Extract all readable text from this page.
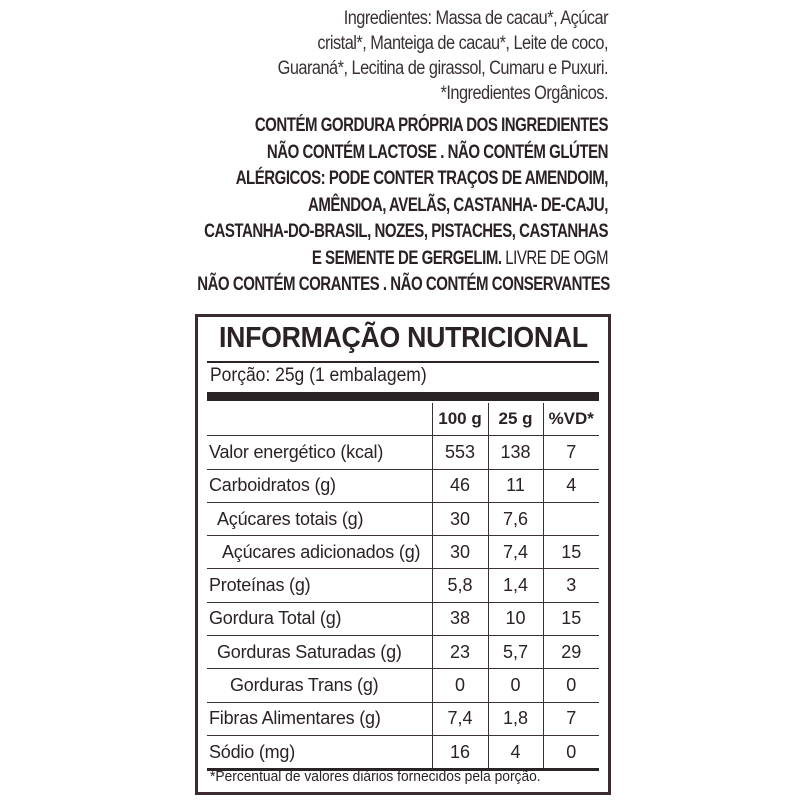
Ingredientes: Massa de cacau*, Açúcar
cristal*, Manteiga de cacau*, Leite de coco,
Guaraná*, Lecitina de girassol, Cumaru e Puxuri.
*Ingredientes Orgânicos.
CONTÉM GORDURA PRÓPRIA DOS INGREDIENTES
NÃO CONTÉM LACTOSE . NÃO CONTÉM GLÚTEN
ALÉRGICOS: PODE CONTER TRAÇOS DE AMENDOIM,
AMÊNDOA, AVELÃS, CASTANHA- DE-CAJU,
CASTANHA-DO-BRASIL, NOZES, PISTACHES, CASTANHAS
E SEMENTE DE GERGELIM. LIVRE DE OGM
NÃO CONTÉM CORANTES . NÃO CONTÉM CONSERVANTES
INFORMAÇÃO NUTRICIONAL
Porção: 25g (1 embalagem)
	100 g	25 g	%VD*
Valor energético (kcal)	553	138	7
Carboidratos (g)	46	11	4
Açúcares totais (g)	30	7,6	
Açúcares adicionados (g)	30	7,4	15
Proteínas (g)	5,8	1,4	3
Gordura Total (g)	38	10	15
Gorduras Saturadas (g)	23	5,7	29
Gorduras Trans (g)	0	0	0
Fibras Alimentares (g)	7,4	1,8	7
Sódio (mg)	16	4	0
*Percentual de valores diários fornecidos pela porção.
